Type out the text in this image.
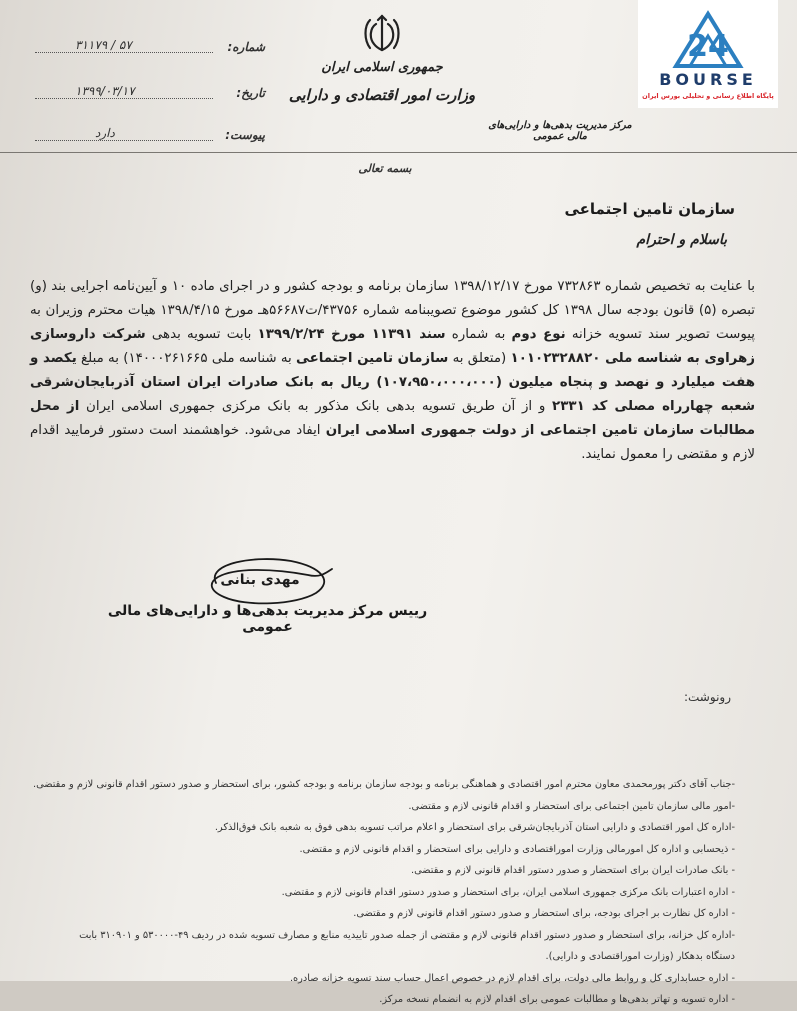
شماره:
۵۷ / ۳۱۱۷۹
تاریخ:
۱۳۹۹/۰۳/۱۷
پیوست:
دارد
جمهوری اسلامی ایران
وزارت امور اقتصادی و دارایی
مرکز مدیریت بدهی‌ها و دارایی‌های مالی عمومی
24
BOURSE
پایگاه اطلاع رسانی و تحلیلی بورس ایران
بسمه تعالی
سازمان تامین اجتماعی
باسلام و احترام
با عنایت به تخصیص شماره ۷۳۲۸۶۳ مورخ ۱۳۹۸/۱۲/۱۷ سازمان برنامه و بودجه کشور و در اجرای ماده ۱۰ و آیین‌نامه اجرایی بند (و) تبصره (۵) قانون بودجه سال ۱۳۹۸ کل کشور موضوع تصویبنامه شماره ۴۳۷۵۶/ت۵۶۶۸۷هـ مورخ ۱۳۹۸/۴/۱۵ هیات محترم وزیران به پیوست تصویر سند تسویه خزانه نوع دوم به شماره سند ۱۱۳۹۱ مورخ ۱۳۹۹/۲/۲۴ بابت تسویه بدهی شرکت داروسازی زهراوی به شناسه ملی ۱۰۱۰۲۳۲۸۸۲۰ (متعلق به سازمان تامین اجتماعی به شناسه ملی ۱۴۰۰۰۲۶۱۶۶۵) به مبلغ یکصد و هفت میلیارد و نهصد و پنجاه میلیون (۱۰۷،۹۵۰،۰۰۰،۰۰۰) ریال به بانک صادرات ایران استان آذربایجان‌شرقی شعبه چهارراه مصلی کد ۲۳۳۱ و از آن طریق تسویه بدهی بانک مذکور به بانک مرکزی جمهوری اسلامی ایران از محل مطالبات سازمان تامین اجتماعی از دولت جمهوری اسلامی ایران ایفاد می‌شود. خواهشمند است دستور فرمایید اقدام لازم و مقتضی را معمول نمایند.
مهدی بنانی
رییس مرکز مدیریت بدهی‌ها و دارایی‌های مالی عمومی
رونوشت:
-جناب آقای دکتر پورمحمدی معاون محترم امور اقتصادی و هماهنگی برنامه و بودجه سازمان برنامه و بودجه کشور، برای استحضار و صدور دستور اقدام قانونی لازم و مقتضی.
-امور مالی سازمان تامین اجتماعی برای استحضار و اقدام قانونی لازم و مقتضی.
-اداره کل امور اقتصادی و دارایی استان آذربایجان‌شرقی برای استحضار و اعلام مراتب تسویه بدهی فوق به شعبه بانک فوق‌الذکر.
- ذیحسابی و اداره کل امورمالی وزارت اموراقتصادی و دارایی برای استحضار و اقدام قانونی لازم و مقتضی.
- بانک صادرات ایران برای استحضار و صدور دستور اقدام قانونی لازم و مقتضی.
- اداره اعتبارات بانک مرکزی جمهوری اسلامی ایران، برای استحضار و صدور دستور اقدام قانونی لازم و مقتضی.
- اداره کل نظارت بر اجرای بودجه، برای استحضار و صدور دستور اقدام قانونی لازم و مقتضی.
-اداره کل خزانه، برای استحضار و صدور دستور اقدام قانونی لازم و مقتضی از جمله صدور تاییدیه منابع و مصارف تسویه شده در ردیف ۴۹-۵۳۰۰۰۰ و ۳۱۰۹۰۱ بابت دستگاه بدهکار (وزارت اموراقتصادی و دارایی).
- اداره حسابداری کل و روابط مالی دولت، برای اقدام لازم در خصوص اعمال حساب سند تسویه خزانه صادره.
- اداره تسویه و تهاتر بدهی‌ها و مطالبات عمومی برای اقدام لازم به انضمام نسخه مرکز.
